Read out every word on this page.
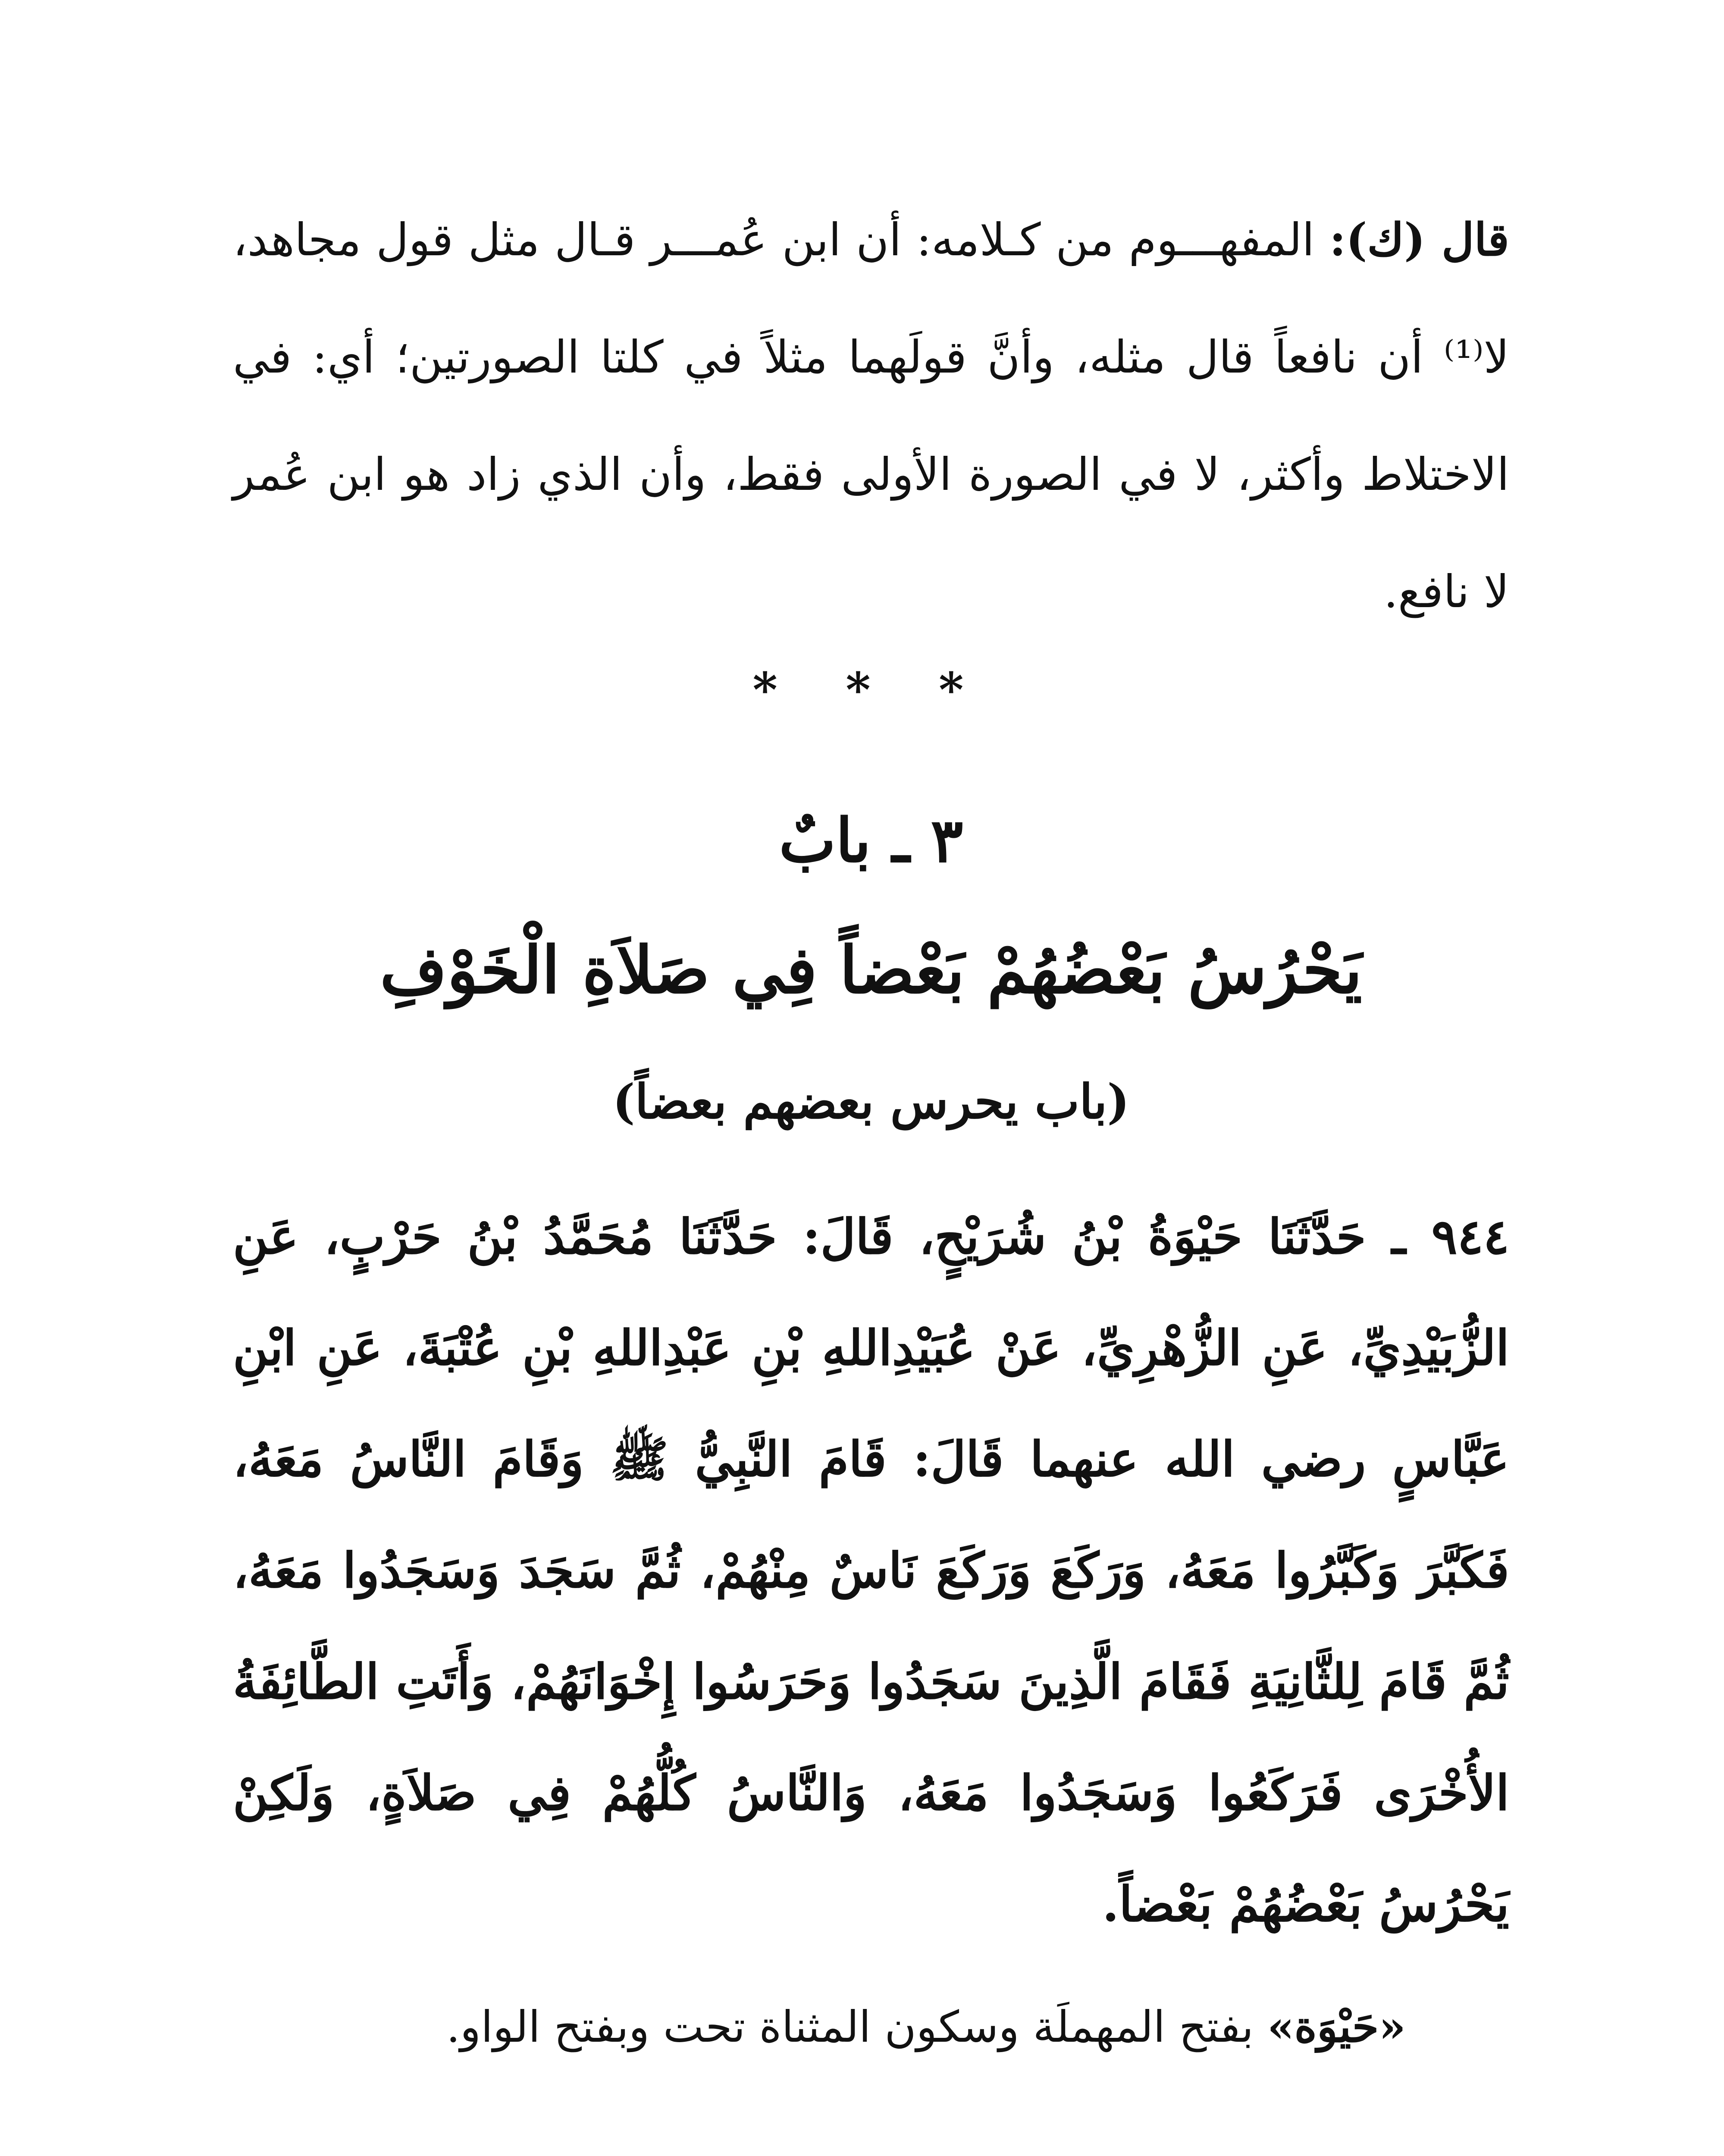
قال (ك): المفهـــوم من كـلامه: أن ابن عُمـــر قـال مثل قول مجاهد، لا⁽¹⁾ أن نافعاً قال مثله، وأنَّ قولَهما مثلاً في كلتا الصورتين؛ أي: في الاختلاط وأكثر، لا في الصورة الأولى فقط، وأن الذي زاد هو ابن عُمر لا نافع.
* * *
٣ ـ بابٌ
يَحْرُسُ بَعْضُهُمْ بَعْضاً فِي صَلاَةِ الْخَوْفِ
(باب يحرس بعضهم بعضاً)
٩٤٤ ـ حَدَّثَنَا حَيْوَةُ بْنُ شُرَيْحٍ، قَالَ: حَدَّثَنَا مُحَمَّدُ بْنُ حَرْبٍ، عَنِ الزُّبَيْدِيِّ، عَنِ الزُّهْرِيِّ، عَنْ عُبَيْدِاللهِ بْنِ عَبْدِاللهِ بْنِ عُتْبَةَ، عَنِ ابْنِ عَبَّاسٍ رضي الله عنهما قَالَ: قَامَ النَّبِيُّ ﷺ وَقَامَ النَّاسُ مَعَهُ، فَكَبَّرَ وَكَبَّرُوا مَعَهُ، وَرَكَعَ وَرَكَعَ نَاسٌ مِنْهُمْ، ثُمَّ سَجَدَ وَسَجَدُوا مَعَهُ، ثُمَّ قَامَ لِلثَّانِيَةِ فَقَامَ الَّذِينَ سَجَدُوا وَحَرَسُوا إِخْوَانَهُمْ، وَأَتَتِ الطَّائِفَةُ الأُخْرَى فَرَكَعُوا وَسَجَدُوا مَعَهُ، وَالنَّاسُ كُلُّهُمْ فِي صَلاَةٍ، وَلَكِنْ يَحْرُسُ بَعْضُهُمْ بَعْضاً.
«حَيْوَة» بفتح المهملَة وسكون المثناة تحت وبفتح الواو.
